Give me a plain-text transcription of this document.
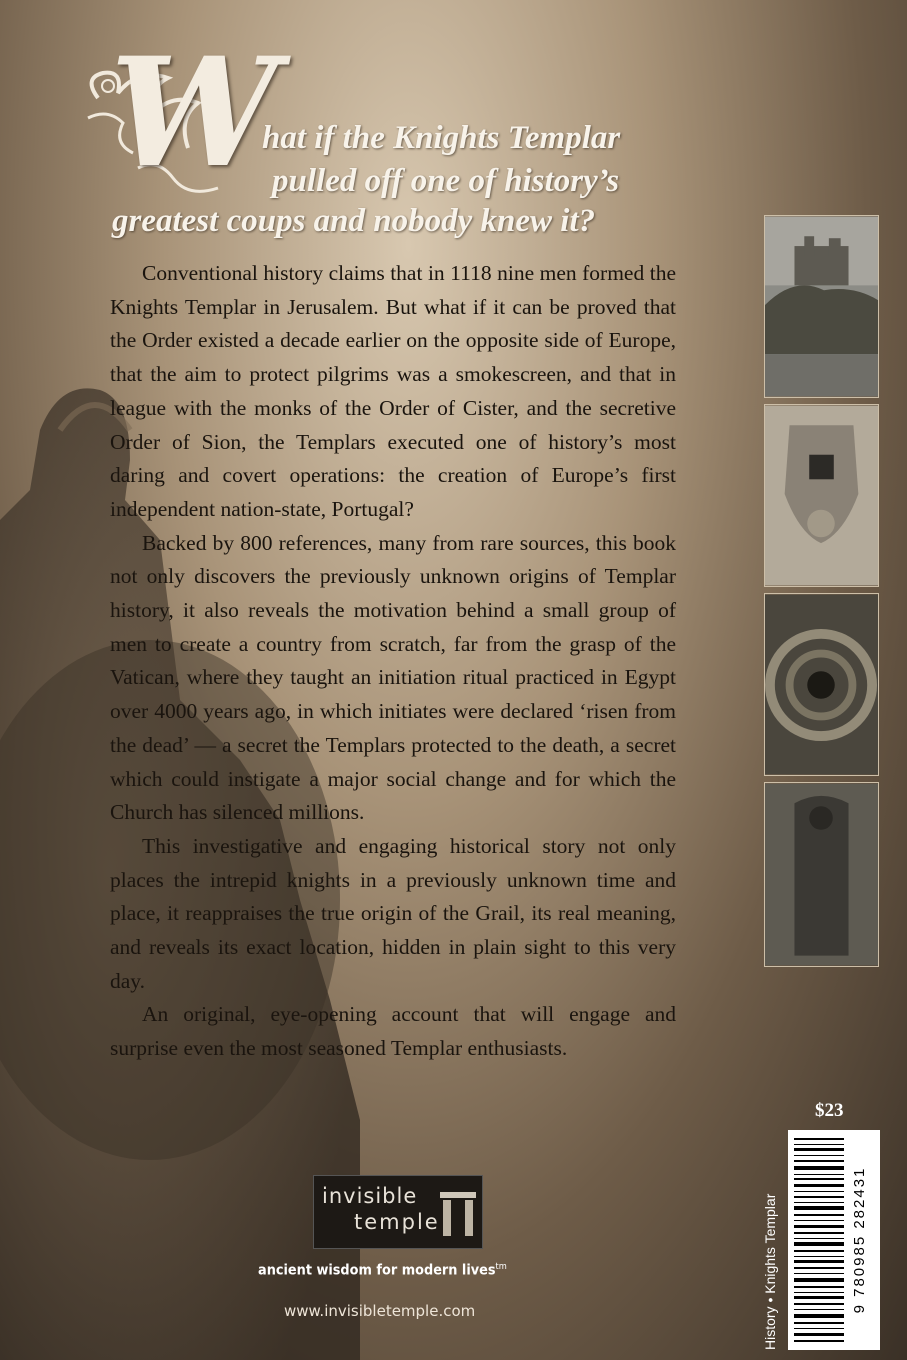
W
hat if the Knights Templar
pulled off one of history’s
greatest coups and nobody knew it?

Conventional history claims that in 1118 nine men formed the Knights Templar in Jerusalem. But what if it can be proved that the Order existed a decade earlier on the opposite side of Europe, that the aim to protect pilgrims was a smokescreen, and that in league with the monks of the Order of Cister, and the secretive Order of Sion, the Templars executed one of history’s most daring and covert operations: the creation of Europe’s first independent nation-state, Portugal?

Backed by 800 references, many from rare sources, this book not only discovers the previously unknown origins of Templar history, it also reveals the motivation behind a small group of men to create a country from scratch, far from the grasp of the Vatican, where they taught an initiation ritual practiced in Egypt over 4000 years ago, in which initiates were declared ‘risen from the dead’ — a secret the Templars protected to the death, a secret which could instigate a major social change and for which the Church has silenced millions.

This investigative and engaging historical story not only places the intrepid knights in a previously unknown time and place, it reappraises the true origin of the Grail, its real meaning, and reveals its exact location, hidden in plain sight to this very day.

An original, eye-opening account that will engage and surprise even the most seasoned Templar enthusiasts.

$23
9 780985 282431
History • Knights Templar
invisible
temple
ancient wisdom for modern lives$^{tm}$
www.invisibletemple.com
